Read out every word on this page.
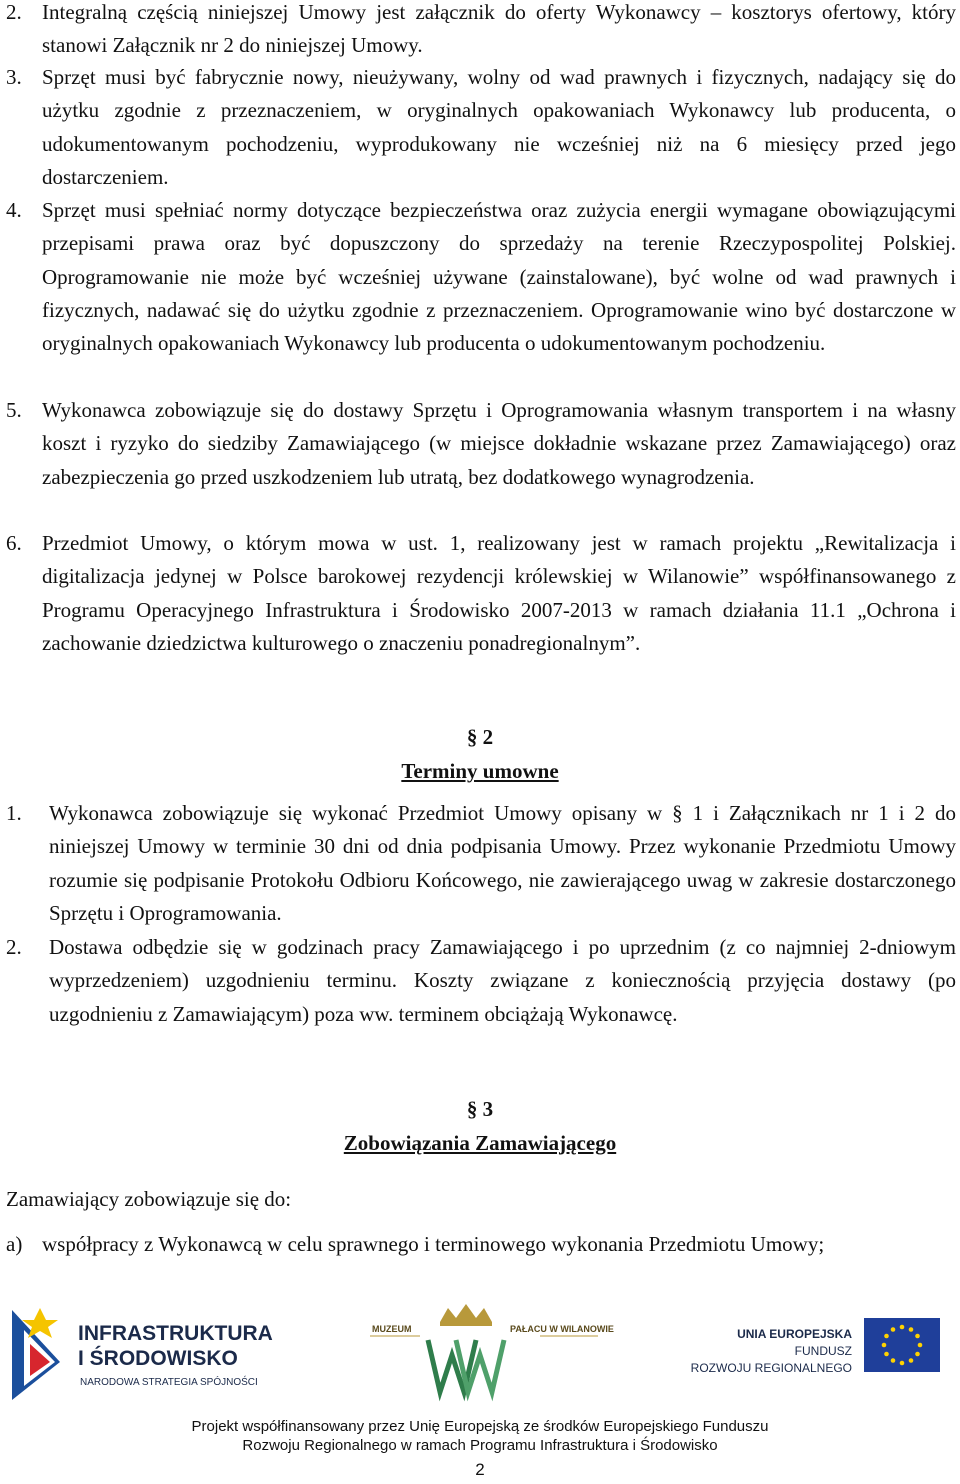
2. Integralną częścią niniejszej Umowy jest załącznik do oferty Wykonawcy – kosztorys ofertowy, który stanowi Załącznik nr 2 do niniejszej Umowy.
3. Sprzęt musi być fabrycznie nowy, nieużywany, wolny od wad prawnych i fizycznych, nadający się do użytku zgodnie z przeznaczeniem, w oryginalnych opakowaniach Wykonawcy lub producenta, o udokumentowanym pochodzeniu, wyprodukowany nie wcześniej niż na 6 miesięcy przed jego dostarczeniem.
4. Sprzęt musi spełniać normy dotyczące bezpieczeństwa oraz zużycia energii wymagane obowiązującymi przepisami prawa oraz być dopuszczony do sprzedaży na terenie Rzeczypospolitej Polskiej. Oprogramowanie nie może być wcześniej używane (zainstalowane), być wolne od wad prawnych i fizycznych, nadawać się do użytku zgodnie z przeznaczeniem. Oprogramowanie wino być dostarczone w oryginalnych opakowaniach Wykonawcy lub producenta o udokumentowanym pochodzeniu.
5. Wykonawca zobowiązuje się do dostawy Sprzętu i Oprogramowania własnym transportem i na własny koszt i ryzyko do siedziby Zamawiającego (w miejsce dokładnie wskazane przez Zamawiającego) oraz zabezpieczenia go przed uszkodzeniem lub utratą, bez dodatkowego wynagrodzenia.
6. Przedmiot Umowy, o którym mowa w ust. 1, realizowany jest w ramach projektu „Rewitalizacja i digitalizacja jedynej w Polsce barokowej rezydencji królewskiej w Wilanowie” współfinansowanego z Programu Operacyjnego Infrastruktura i Środowisko 2007-2013 w ramach działania 11.1 „Ochrona i zachowanie dziedzictwa kulturowego o znaczeniu ponadregionalnym”.
§ 2
Terminy umowne
1. Wykonawca zobowiązuje się wykonać Przedmiot Umowy opisany w § 1 i Załącznikach nr 1 i 2 do niniejszej Umowy w terminie 30 dni od dnia podpisania Umowy. Przez wykonanie Przedmiotu Umowy rozumie się podpisanie Protokołu Odbioru Końcowego, nie zawierającego uwag w zakresie dostarczonego Sprzętu i Oprogramowania.
2. Dostawa odbędzie się w godzinach pracy Zamawiającego i po uprzednim (z co najmniej 2-dniowym wyprzedzeniem) uzgodnieniu terminu. Koszty związane z koniecznością przyjęcia dostawy (po uzgodnieniu z Zamawiającym) poza ww. terminem obciążają Wykonawcę.
§ 3
Zobowiązania Zamawiającego
Zamawiający zobowiązuje się do:
a) współpracy z Wykonawcą w celu sprawnego i terminowego wykonania Przedmiotu Umowy;
INFRASTRUKTURA
I ŚRODOWISKO
NARODOWA STRATEGIA SPÓJNOŚCI
MUZEUM	PAŁACU W WILANOWIE	UNIA EUROPEJSKA
FUNDUSZ
ROZWOJU REGIONALNEGO
Projekt współfinansowany przez Unię Europejską ze środków Europejskiego Funduszu
Rozwoju Regionalnego w ramach Programu Infrastruktura i Środowisko
2
